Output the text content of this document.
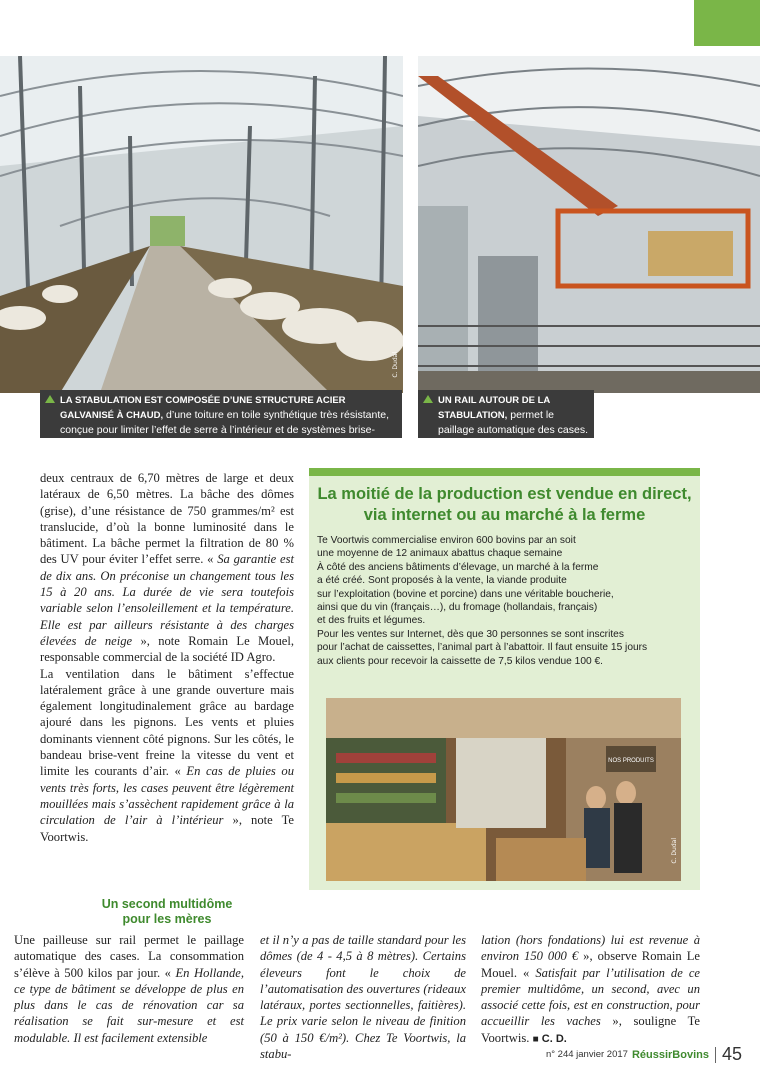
C. Dudal
LA STABULATION EST COMPOSÉE D’UNE STRUCTURE ACIER GALVANISÉ À CHAUD, d’une toiture en toile synthétique très résistante, conçue pour limiter l’effet de serre à l’intérieur et de systèmes brise-vents sur les longs pans.
UN RAIL AUTOUR DE LA STABULATION, permet le paillage automatique des cases.

deux centraux de 6,70 mètres de large et deux latéraux de 6,50 mètres. La bâche des dômes (grise), d’une résistance de 750 grammes/m² est translucide, d’où la bonne luminosité dans le bâtiment. La bâche permet la filtration de 80 % des UV pour éviter l’effet serre. « Sa garantie est de dix ans. On préconise un changement tous les 15 à 20 ans. La durée de vie sera toutefois variable selon l’ensoleillement et la température. Elle est par ailleurs résistante à des charges élevées de neige », note Romain Le Mouel, responsable commercial de la société ID Agro.

La ventilation dans le bâtiment s’effectue latéralement grâce à une grande ouverture mais également longitudinalement grâce au bardage ajouré dans les pignons. Les vents et pluies dominants viennent côté pignons. Sur les côtés, le bandeau brise-vent freine la vitesse du vent et limite les courants d’air. « En cas de pluies ou vents très forts, les cases peuvent être légèrement mouillées mais s’assèchent rapidement grâce à la circulation de l’air à l’intérieur », note Te Voortwis.

Un second multidôme
pour les mères

Une pailleuse sur rail permet le paillage automatique des cases. La consommation s’élève à 500 kilos par jour. « En Hollande, ce type de bâtiment se développe de plus en plus dans le cas de rénovation car sa réalisation se fait sur-mesure et est modulable. Il est facilement extensible

et il n’y a pas de taille standard pour les dômes (de 4 - 4,5 à 8 mètres). Certains éleveurs font le choix de l’automatisation des ouvertures (rideaux latéraux, portes sectionnelles, faitières). Le prix varie selon le niveau de finition (50 à 150 €/m²). Chez Te Voortwis, la stabu-

lation (hors fondations) lui est revenue à environ 150 000 € », observe Romain Le Mouel. « Satisfait par l’utilisation de ce premier multidôme, un second, avec un associé cette fois, est en construction, pour accueillir les vaches », souligne Te Voortwis. ■ C. D.

La moitié de la production est vendue en direct, via internet ou au marché à la ferme

Te Voortwis commercialise environ 600 bovins par an soit

une moyenne de 12 animaux abattus chaque semaine

À côté des anciens bâtiments d’élevage, un marché à la ferme

a été créé. Sont proposés à la vente, la viande produite

sur l’exploitation (bovine et porcine) dans une véritable boucherie,

ainsi que du vin (français…), du fromage (hollandais, français)

et des fruits et légumes.

Pour les ventes sur Internet, dès que 30 personnes se sont inscrites

pour l’achat de caissettes, l’animal part à l’abattoir. Il faut ensuite 15 jours

aux clients pour recevoir la caissette de 7,5 kilos vendue 100 €.

NOS PRODUITS
C. Dudal
n° 244 janvier 2017 RéussirBovins 45
